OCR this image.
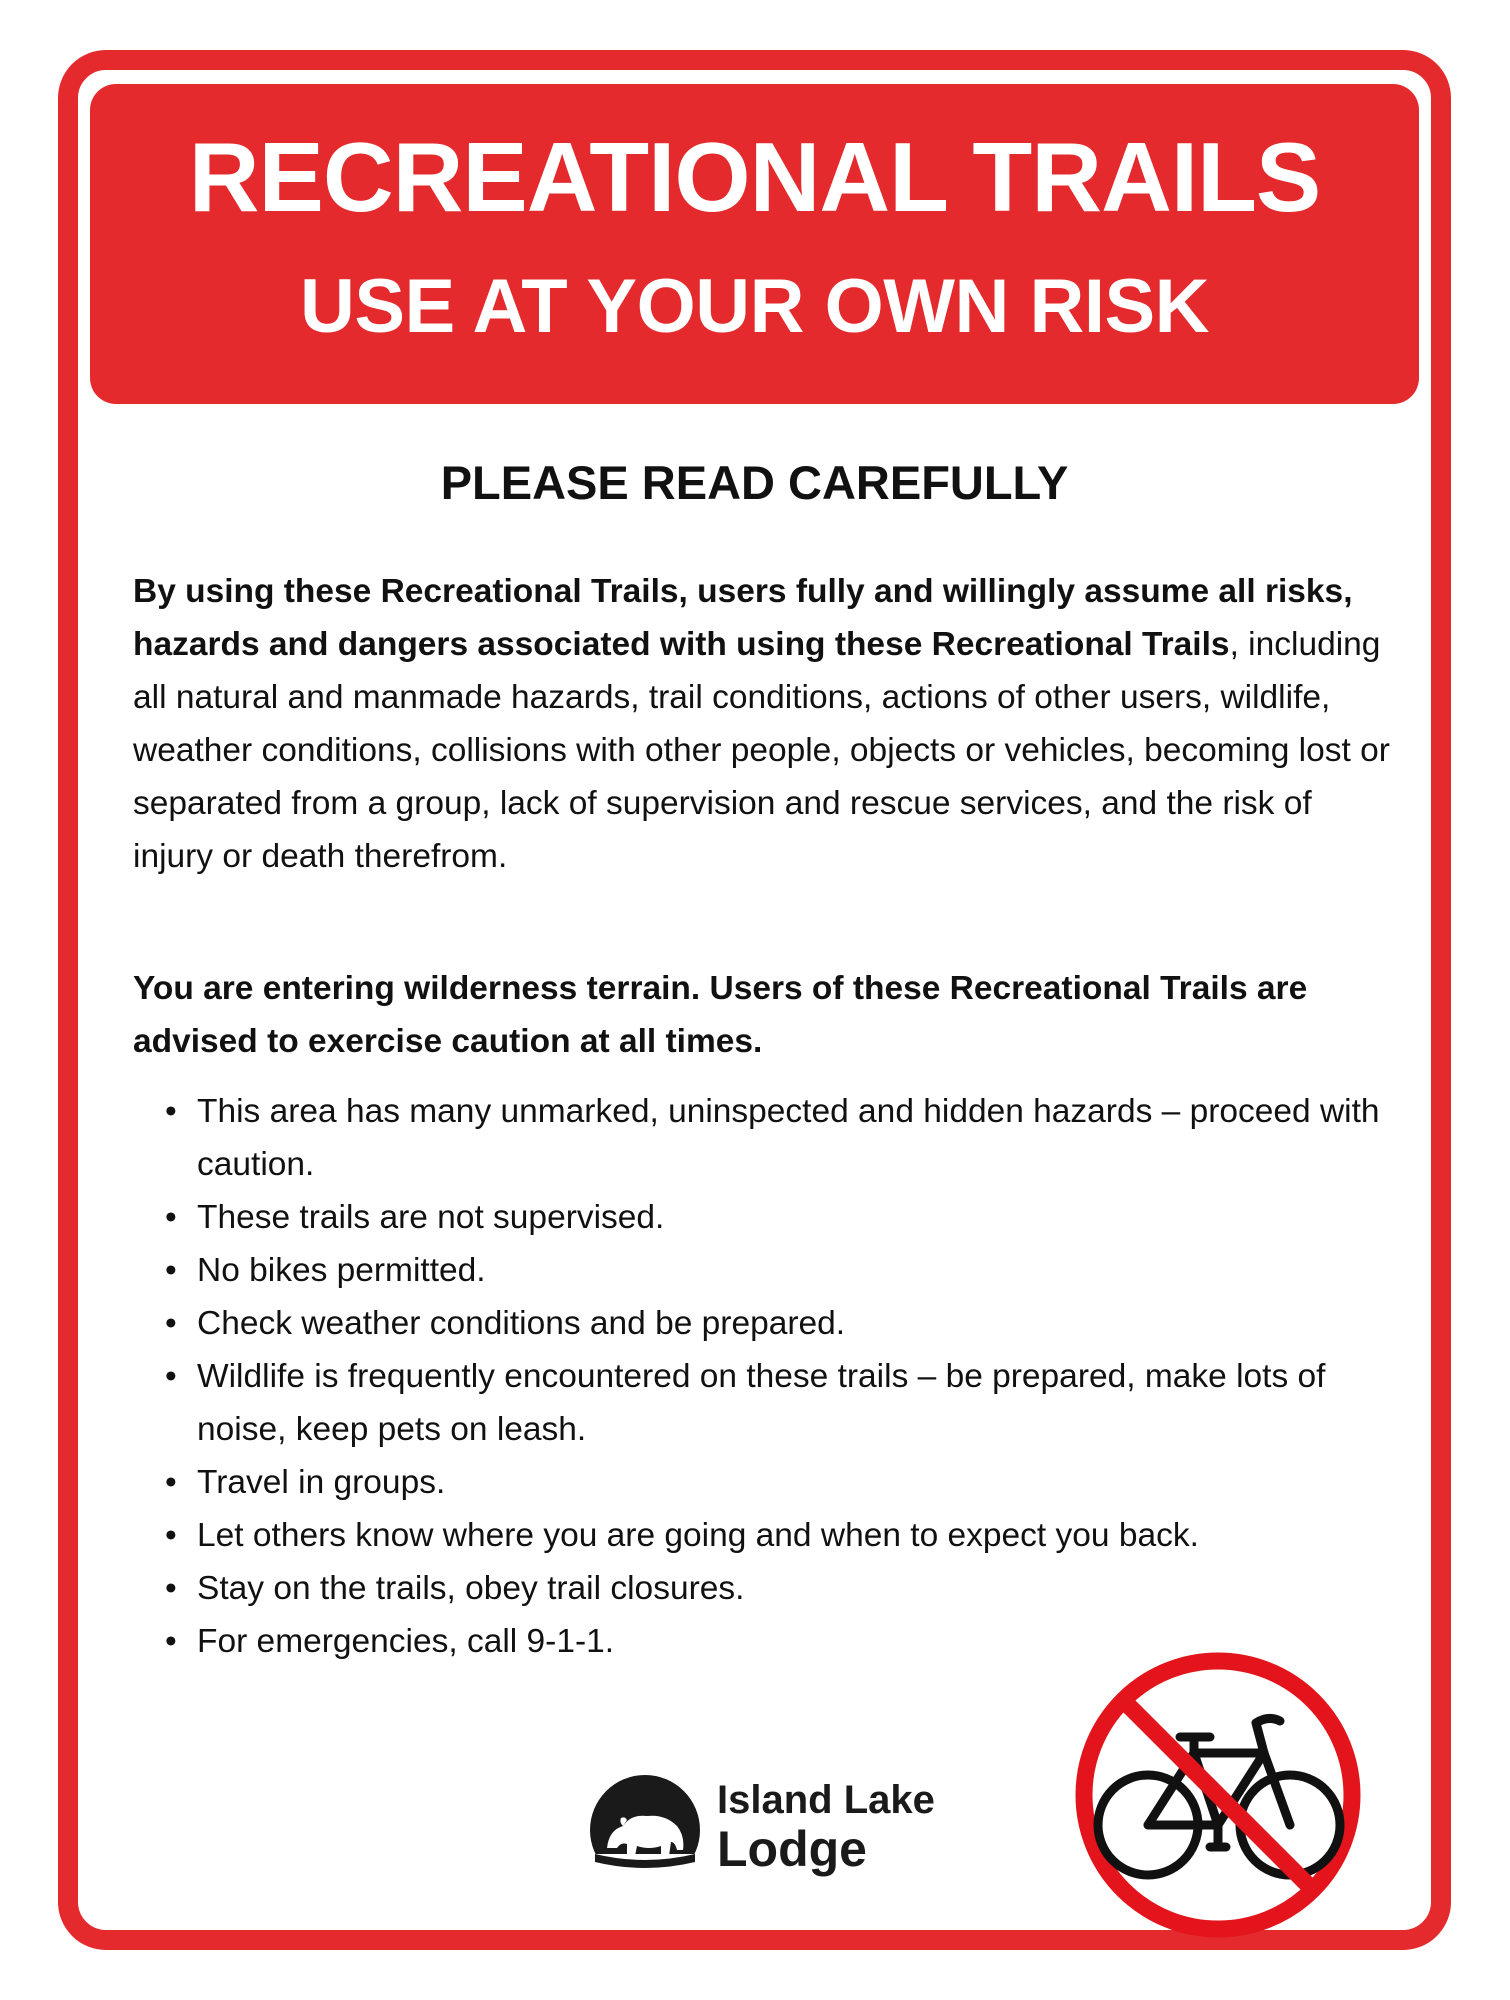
RECREATIONAL TRAILS
USE AT YOUR OWN RISK
PLEASE READ CAREFULLY
By using these Recreational Trails, users fully and willingly assume all risks, hazards and dangers associated with using these Recreational Trails, including all natural and manmade hazards, trail conditions, actions of other users, wildlife, weather conditions, collisions with other people, objects or vehicles, becoming lost or separated from a group, lack of supervision and rescue services, and the risk of injury or death therefrom.
You are entering wilderness terrain. Users of these Recreational Trails are advised to exercise caution at all times.
• This area has many unmarked, uninspected and hidden hazards – proceed with caution.
• These trails are not supervised.
• No bikes permitted.
• Check weather conditions and be prepared.
• Wildlife is frequently encountered on these trails – be prepared, make lots of noise, keep pets on leash.
• Travel in groups.
• Let others know where you are going and when to expect you back.
• Stay on the trails, obey trail closures.
• For emergencies, call 9-1-1.
Island Lake
Lodge
